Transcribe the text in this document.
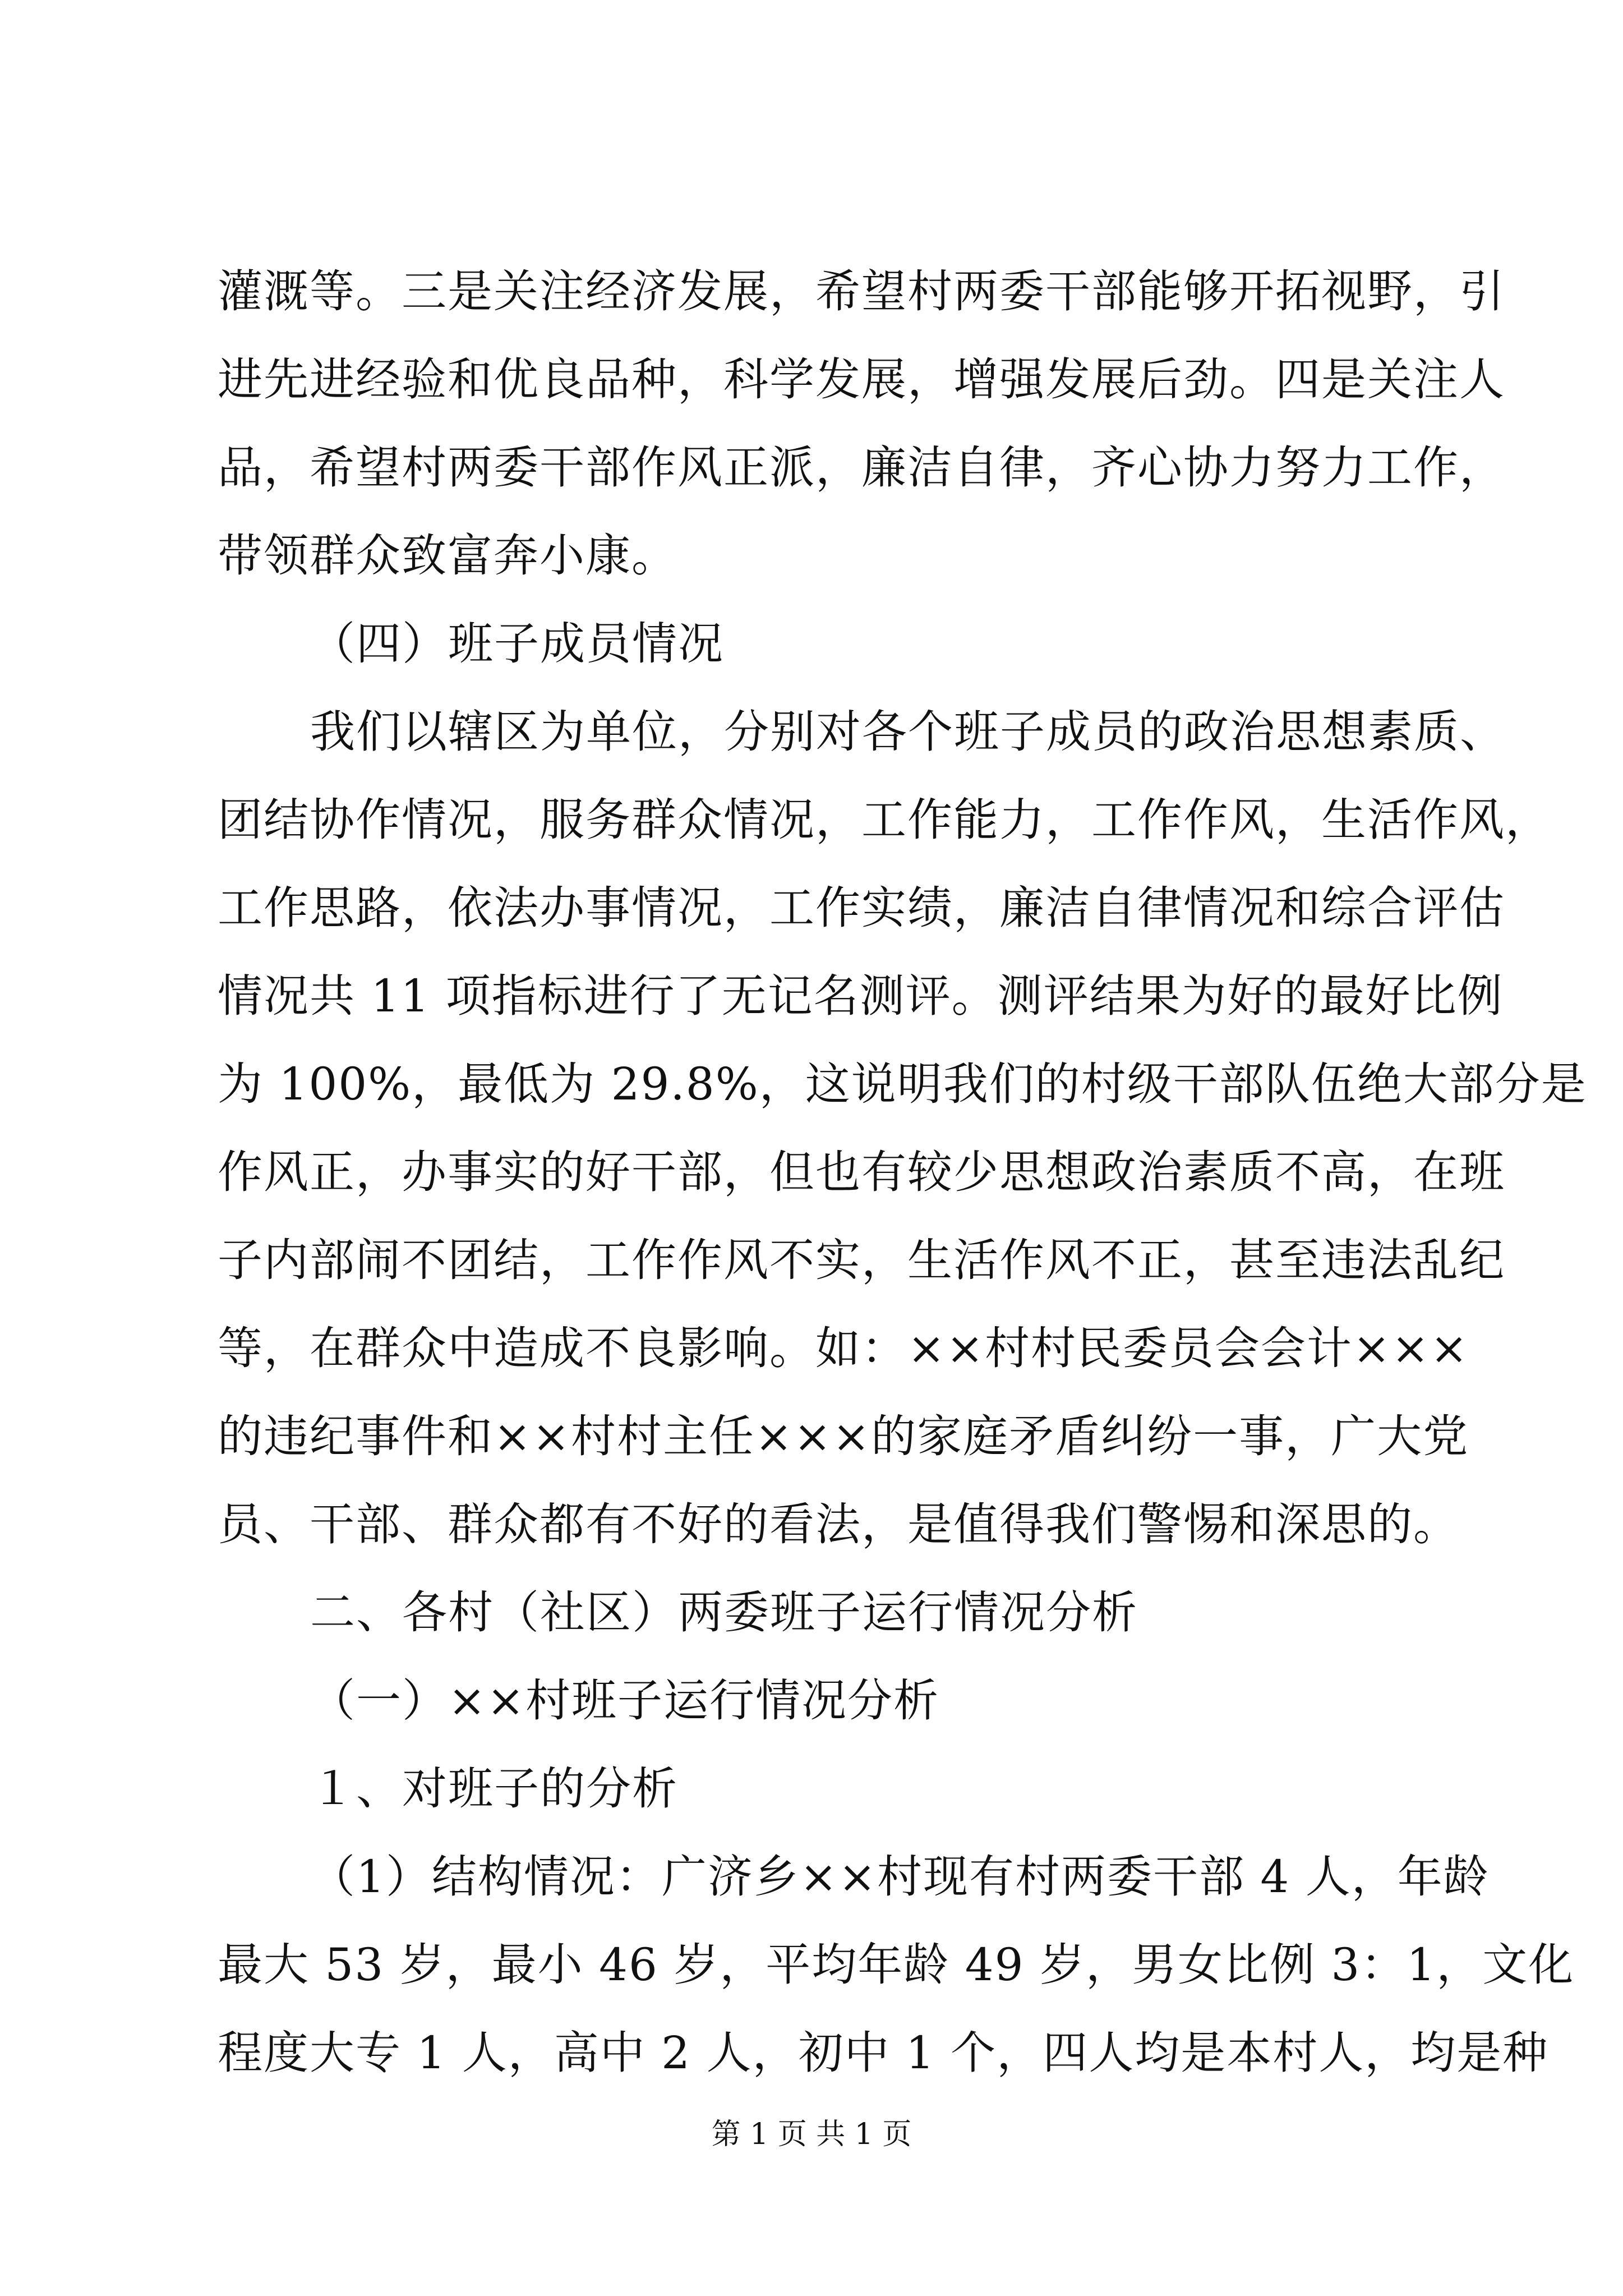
灌溉等。三是关注经济发展，希望村两委干部能够开拓视野，引
进先进经验和优良品种，科学发展，增强发展后劲。四是关注人
品，希望村两委干部作风正派，廉洁自律，齐心协力努力工作，
带领群众致富奔小康。
（四）班子成员情况
我们以辖区为单位，分别对各个班子成员的政治思想素质、
团结协作情况，服务群众情况，工作能力，工作作风，生活作风，
工作思路，依法办事情况，工作实绩，廉洁自律情况和综合评估
情况共 11 项指标进行了无记名测评。测评结果为好的最好比例
为 100%，最低为 29.8%，这说明我们的村级干部队伍绝大部分是
作风正，办事实的好干部，但也有较少思想政治素质不高，在班
子内部闹不团结，工作作风不实，生活作风不正，甚至违法乱纪
等，在群众中造成不良影响。如：××村村民委员会会计×××
的违纪事件和××村村主任×××的家庭矛盾纠纷一事，广大党
员、干部、群众都有不好的看法，是值得我们警惕和深思的。
二、各村（社区）两委班子运行情况分析
（一）××村班子运行情况分析
１、对班子的分析
（1）结构情况：广济乡××村现有村两委干部 4 人，年龄
最大 53 岁，最小 46 岁，平均年龄 49 岁，男女比例 3：1，文化
程度大专 1 人，高中 2 人，初中 1 个，四人均是本村人，均是种
第 1 页 共 1 页
